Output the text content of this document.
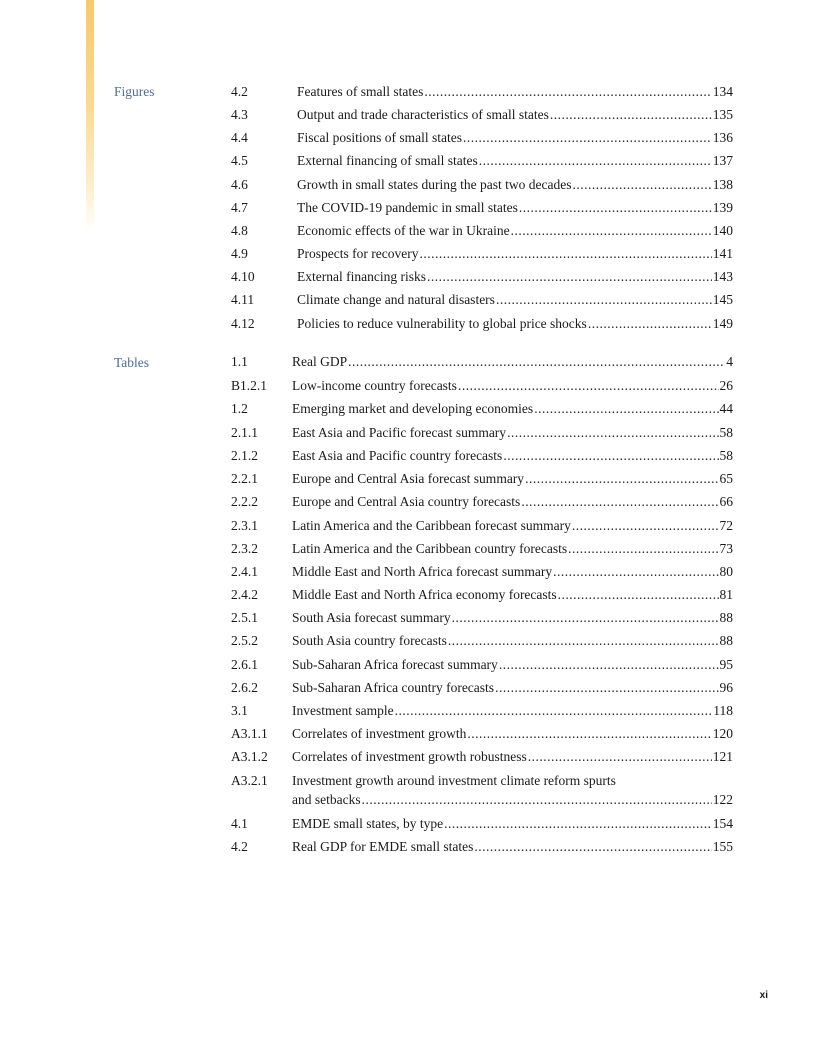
Figures	4.2	Features of small states .....	134
4.3	Output and trade characteristics of small states .....	135
4.4	Fiscal positions of small states .....	136
4.5	External financing of small states .....	137
4.6	Growth in small states during the past two decades .....	138
4.7	The COVID-19 pandemic in small states .....	139
4.8	Economic effects of the war in Ukraine .....	140
4.9	Prospects for recovery .....	141
4.10	External financing risks .....	143
4.11	Climate change and natural disasters .....	145
4.12	Policies to reduce vulnerability to global price shocks .....	149
Tables	1.1	Real GDP .....	4
B1.2.1 Low-income country forecasts .....	26
1.2	Emerging market and developing economies .....	44
2.1.1	East Asia and Pacific forecast summary .....	58
2.1.2	East Asia and Pacific country forecasts .....	58
2.2.1	Europe and Central Asia forecast summary .....	65
2.2.2	Europe and Central Asia country forecasts .....	66
2.3.1	Latin America and the Caribbean forecast summary .....	72
2.3.2	Latin America and the Caribbean country forecasts .....	73
2.4.1	Middle East and North Africa forecast summary .....	80
2.4.2	Middle East and North Africa economy forecasts .....	81
2.5.1	South Asia forecast summary .....	88
2.5.2	South Asia country forecasts .....	88
2.6.1	Sub-Saharan Africa forecast summary .....	95
2.6.2	Sub-Saharan Africa country forecasts .....	96
3.1	Investment sample .....	118
A3.1.1 Correlates of investment growth .....	120
A3.1.2 Correlates of investment growth robustness .....	121
A3.2.1 Investment growth around investment climate reform spurts
and setbacks .....	122
4.1	EMDE small states, by type .....	154
4.2	Real GDP for EMDE small states .....	155
xi
